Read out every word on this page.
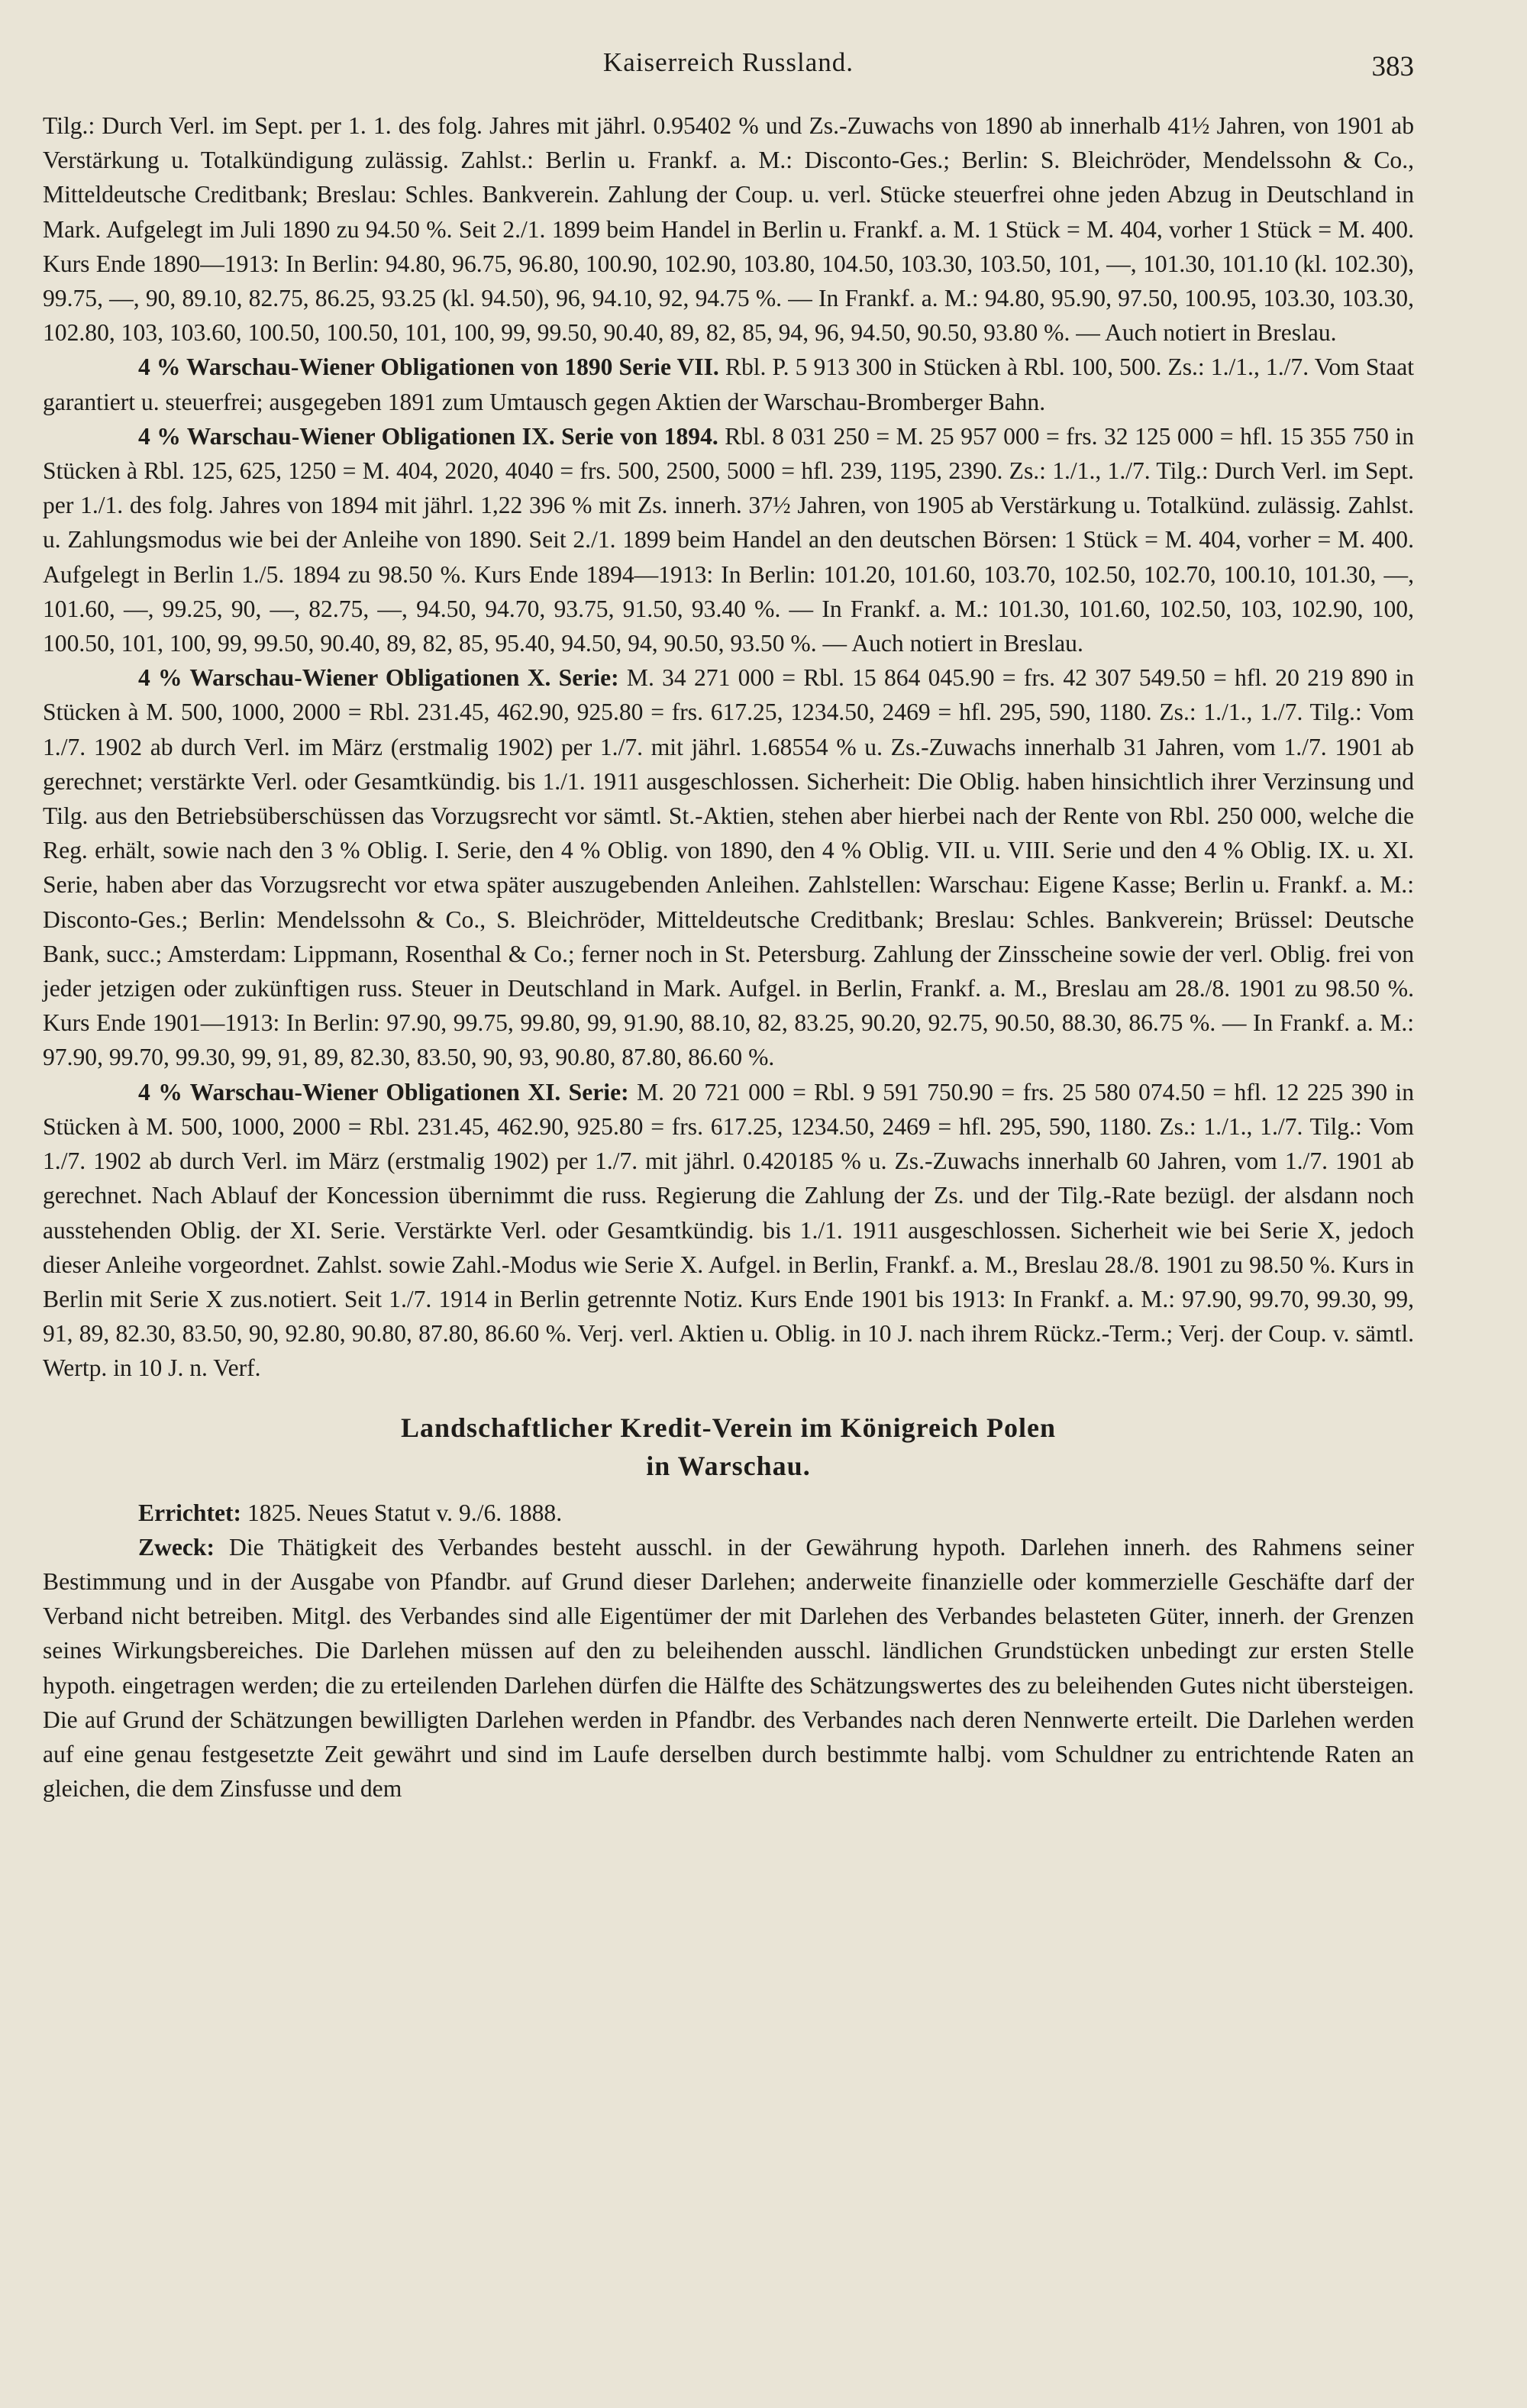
Kaiserreich Russland.	383

Tilg.: Durch Verl. im Sept. per 1. 1. des folg. Jahres mit jährl. 0.95402 % und Zs.-Zuwachs von 1890 ab innerhalb 41½ Jahren, von 1901 ab Verstärkung u. Totalkündigung zulässig. Zahlst.: Berlin u. Frankf. a. M.: Disconto-Ges.; Berlin: S. Bleichröder, Mendelssohn & Co., Mitteldeutsche Creditbank; Breslau: Schles. Bankverein. Zahlung der Coup. u. verl. Stücke steuerfrei ohne jeden Abzug in Deutschland in Mark. Aufgelegt im Juli 1890 zu 94.50 %. Seit 2./1. 1899 beim Handel in Berlin u. Frankf. a. M. 1 Stück = M. 404, vorher 1 Stück = M. 400. Kurs Ende 1890—1913: In Berlin: 94.80, 96.75, 96.80, 100.90, 102.90, 103.80, 104.50, 103.30, 103.50, 101, —, 101.30, 101.10 (kl. 102.30), 99.75, —, 90, 89.10, 82.75, 86.25, 93.25 (kl. 94.50), 96, 94.10, 92, 94.75 %. — In Frankf. a. M.: 94.80, 95.90, 97.50, 100.95, 103.30, 103.30, 102.80, 103, 103.60, 100.50, 100.50, 101, 100, 99, 99.50, 90.40, 89, 82, 85, 94, 96, 94.50, 90.50, 93.80 %. — Auch notiert in Breslau.

4 % Warschau-Wiener Obligationen von 1890 Serie VII. Rbl. P. 5 913 300 in Stücken à Rbl. 100, 500. Zs.: 1./1., 1./7. Vom Staat garantiert u. steuerfrei; ausgegeben 1891 zum Umtausch gegen Aktien der Warschau-Bromberger Bahn.

4 % Warschau-Wiener Obligationen IX. Serie von 1894. Rbl. 8 031 250 = M. 25 957 000 = frs. 32 125 000 = hfl. 15 355 750 in Stücken à Rbl. 125, 625, 1250 = M. 404, 2020, 4040 = frs. 500, 2500, 5000 = hfl. 239, 1195, 2390. Zs.: 1./1., 1./7. Tilg.: Durch Verl. im Sept. per 1./1. des folg. Jahres von 1894 mit jährl. 1,22 396 % mit Zs. innerh. 37½ Jahren, von 1905 ab Verstärkung u. Totalkünd. zulässig. Zahlst. u. Zahlungsmodus wie bei der Anleihe von 1890. Seit 2./1. 1899 beim Handel an den deutschen Börsen: 1 Stück = M. 404, vorher = M. 400. Aufgelegt in Berlin 1./5. 1894 zu 98.50 %. Kurs Ende 1894—1913: In Berlin: 101.20, 101.60, 103.70, 102.50, 102.70, 100.10, 101.30, —, 101.60, —, 99.25, 90, —, 82.75, —, 94.50, 94.70, 93.75, 91.50, 93.40 %. — In Frankf. a. M.: 101.30, 101.60, 102.50, 103, 102.90, 100, 100.50, 101, 100, 99, 99.50, 90.40, 89, 82, 85, 95.40, 94.50, 94, 90.50, 93.50 %. — Auch notiert in Breslau.

4 % Warschau-Wiener Obligationen X. Serie: M. 34 271 000 = Rbl. 15 864 045.90 = frs. 42 307 549.50 = hfl. 20 219 890 in Stücken à M. 500, 1000, 2000 = Rbl. 231.45, 462.90, 925.80 = frs. 617.25, 1234.50, 2469 = hfl. 295, 590, 1180. Zs.: 1./1., 1./7. Tilg.: Vom 1./7. 1902 ab durch Verl. im März (erstmalig 1902) per 1./7. mit jährl. 1.68554 % u. Zs.-Zuwachs innerhalb 31 Jahren, vom 1./7. 1901 ab gerechnet; verstärkte Verl. oder Gesamtkündig. bis 1./1. 1911 ausgeschlossen. Sicherheit: Die Oblig. haben hinsichtlich ihrer Verzinsung und Tilg. aus den Betriebsüberschüssen das Vorzugsrecht vor sämtl. St.-Aktien, stehen aber hierbei nach der Rente von Rbl. 250 000, welche die Reg. erhält, sowie nach den 3 % Oblig. I. Serie, den 4 % Oblig. von 1890, den 4 % Oblig. VII. u. VIII. Serie und den 4 % Oblig. IX. u. XI. Serie, haben aber das Vorzugsrecht vor etwa später auszugebenden Anleihen. Zahlstellen: Warschau: Eigene Kasse; Berlin u. Frankf. a. M.: Disconto-Ges.; Berlin: Mendelssohn & Co., S. Bleichröder, Mitteldeutsche Creditbank; Breslau: Schles. Bankverein; Brüssel: Deutsche Bank, succ.; Amsterdam: Lippmann, Rosenthal & Co.; ferner noch in St. Petersburg. Zahlung der Zinsscheine sowie der verl. Oblig. frei von jeder jetzigen oder zukünftigen russ. Steuer in Deutschland in Mark. Aufgel. in Berlin, Frankf. a. M., Breslau am 28./8. 1901 zu 98.50 %. Kurs Ende 1901—1913: In Berlin: 97.90, 99.75, 99.80, 99, 91.90, 88.10, 82, 83.25, 90.20, 92.75, 90.50, 88.30, 86.75 %. — In Frankf. a. M.: 97.90, 99.70, 99.30, 99, 91, 89, 82.30, 83.50, 90, 93, 90.80, 87.80, 86.60 %.

4 % Warschau-Wiener Obligationen XI. Serie: M. 20 721 000 = Rbl. 9 591 750.90 = frs. 25 580 074.50 = hfl. 12 225 390 in Stücken à M. 500, 1000, 2000 = Rbl. 231.45, 462.90, 925.80 = frs. 617.25, 1234.50, 2469 = hfl. 295, 590, 1180. Zs.: 1./1., 1./7. Tilg.: Vom 1./7. 1902 ab durch Verl. im März (erstmalig 1902) per 1./7. mit jährl. 0.420185 % u. Zs.-Zuwachs innerhalb 60 Jahren, vom 1./7. 1901 ab gerechnet. Nach Ablauf der Koncession übernimmt die russ. Regierung die Zahlung der Zs. und der Tilg.-Rate bezügl. der alsdann noch ausstehenden Oblig. der XI. Serie. Verstärkte Verl. oder Gesamtkündig. bis 1./1. 1911 ausgeschlossen. Sicherheit wie bei Serie X, jedoch dieser Anleihe vorgeordnet. Zahlst. sowie Zahl.-Modus wie Serie X. Aufgel. in Berlin, Frankf. a. M., Breslau 28./8. 1901 zu 98.50 %. Kurs in Berlin mit Serie X zus.notiert. Seit 1./7. 1914 in Berlin getrennte Notiz. Kurs Ende 1901 bis 1913: In Frankf. a. M.: 97.90, 99.70, 99.30, 99, 91, 89, 82.30, 83.50, 90, 92.80, 90.80, 87.80, 86.60 %. Verj. verl. Aktien u. Oblig. in 10 J. nach ihrem Rückz.-Term.; Verj. der Coup. v. sämtl. Wertp. in 10 J. n. Verf.

Landschaftlicher Kredit-Verein im Königreich Polen
in Warschau.

Errichtet: 1825. Neues Statut v. 9./6. 1888.

Zweck: Die Thätigkeit des Verbandes besteht ausschl. in der Gewährung hypoth. Darlehen innerh. des Rahmens seiner Bestimmung und in der Ausgabe von Pfandbr. auf Grund dieser Darlehen; anderweite finanzielle oder kommerzielle Geschäfte darf der Verband nicht betreiben. Mitgl. des Verbandes sind alle Eigentümer der mit Darlehen des Verbandes belasteten Güter, innerh. der Grenzen seines Wirkungsbereiches. Die Darlehen müssen auf den zu beleihenden ausschl. ländlichen Grundstücken unbedingt zur ersten Stelle hypoth. eingetragen werden; die zu erteilenden Darlehen dürfen die Hälfte des Schätzungswertes des zu beleihenden Gutes nicht übersteigen. Die auf Grund der Schätzungen bewilligten Darlehen werden in Pfandbr. des Verbandes nach deren Nennwerte erteilt. Die Darlehen werden auf eine genau festgesetzte Zeit gewährt und sind im Laufe derselben durch bestimmte halbj. vom Schuldner zu entrichtende Raten an gleichen, die dem Zinsfusse und dem
